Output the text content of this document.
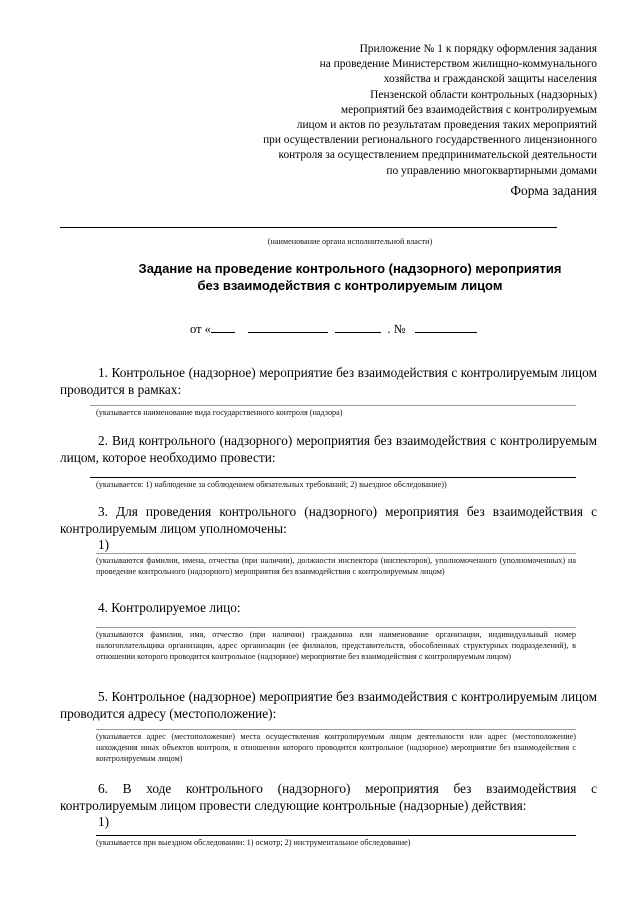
Приложение № 1 к порядку оформления задания
на проведение Министерством жилищно-коммунального
хозяйства и гражданской защиты населения
Пензенской области контрольных (надзорных)
мероприятий без взаимодействия с контролируемым
лицом и актов по результатам проведения таких мероприятий
при осуществлении регионального государственного лицензионного
контроля за осуществлением предпринимательской деятельности
по управлению многоквартирными домами
Форма задания
(наименование органа исполнительной власти)
Задание на проведение контрольного (надзорного) мероприятия
без взаимодействия с контролируемым лицом
от «	. №
1. Контрольное (надзорное) мероприятие без взаимодействия с контролируемым лицом проводится в рамках:
(указывается наименование вида государственного контроля (надзора)
2. Вид контрольного (надзорного) мероприятия без взаимодействия с контролируемым лицом, которое необходимо провести:
(указывается: 1) наблюдение за соблюдением обязательных требований; 2) выездное обследование))
3. Для проведения контрольного (надзорного) мероприятия без взаимодействия с контролируемым лицом уполномочены:
1)
(указываются фамилии, имена, отчества (при наличии), должности инспектора (инспекторов), уполномоченного (уполномоченных) на проведение контрольного (надзорного) мероприятия без взаимодействия с контролируемым лицом)
4. Контролируемое лицо:
(указываются фамилия, имя, отчество (при наличии) гражданина или наименование организации, индивидуальный номер налогоплательщика организации, адрес организации (ее филиалов, представительств, обособленных структурных подразделений), в отношении которого проводится контрольное (надзорное) мероприятие без взаимодействия с контролируемым лицом)
5. Контрольное (надзорное) мероприятие без взаимодействия с контролируемым лицом проводится адресу (местоположение):
(указывается адрес (местоположение) места осуществления контролируемым лицом деятельности или адрес (местоположение) нахождения иных объектов контроля, в отношении которого проводится контрольное (надзорное) мероприятие без взаимодействия с контролируемым лицом)
6. В ходе контрольного (надзорного) мероприятия без взаимодействия с контролируемым лицом провести следующие контрольные (надзорные) действия:
1)
(указывается при выездном обследовании: 1) осмотр; 2) инструментальное обследование)
